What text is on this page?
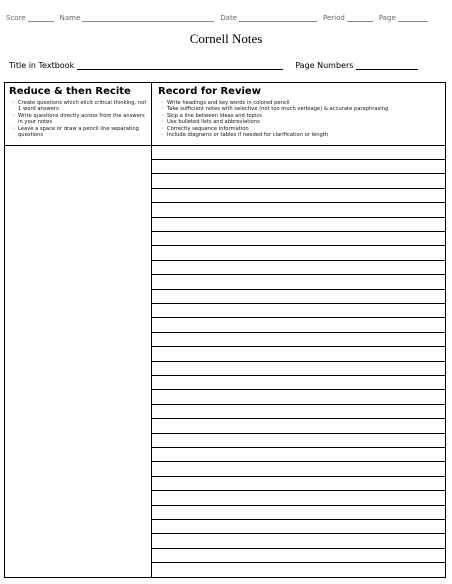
Score	Name	Date	Period	Page
Cornell Notes
Title in Textbook	Page Numbers
Reduce & then Recite
◦ Create questions which elicit critical thinking, not 1 word answers
◦ Write questions directly across from the answers in your notes
◦ Leave a space or draw a pencil line separating questions
Record for Review
◦ Write headings and key words in colored pencil
◦ Take sufficient notes with selective (not too much verbiage) & accurate paraphrasing
◦ Skip a line between ideas and topics
◦ Use bulleted lists and abbreviations
◦ Correctly sequence information
◦ Include diagrams or tables if needed for clarification or length
